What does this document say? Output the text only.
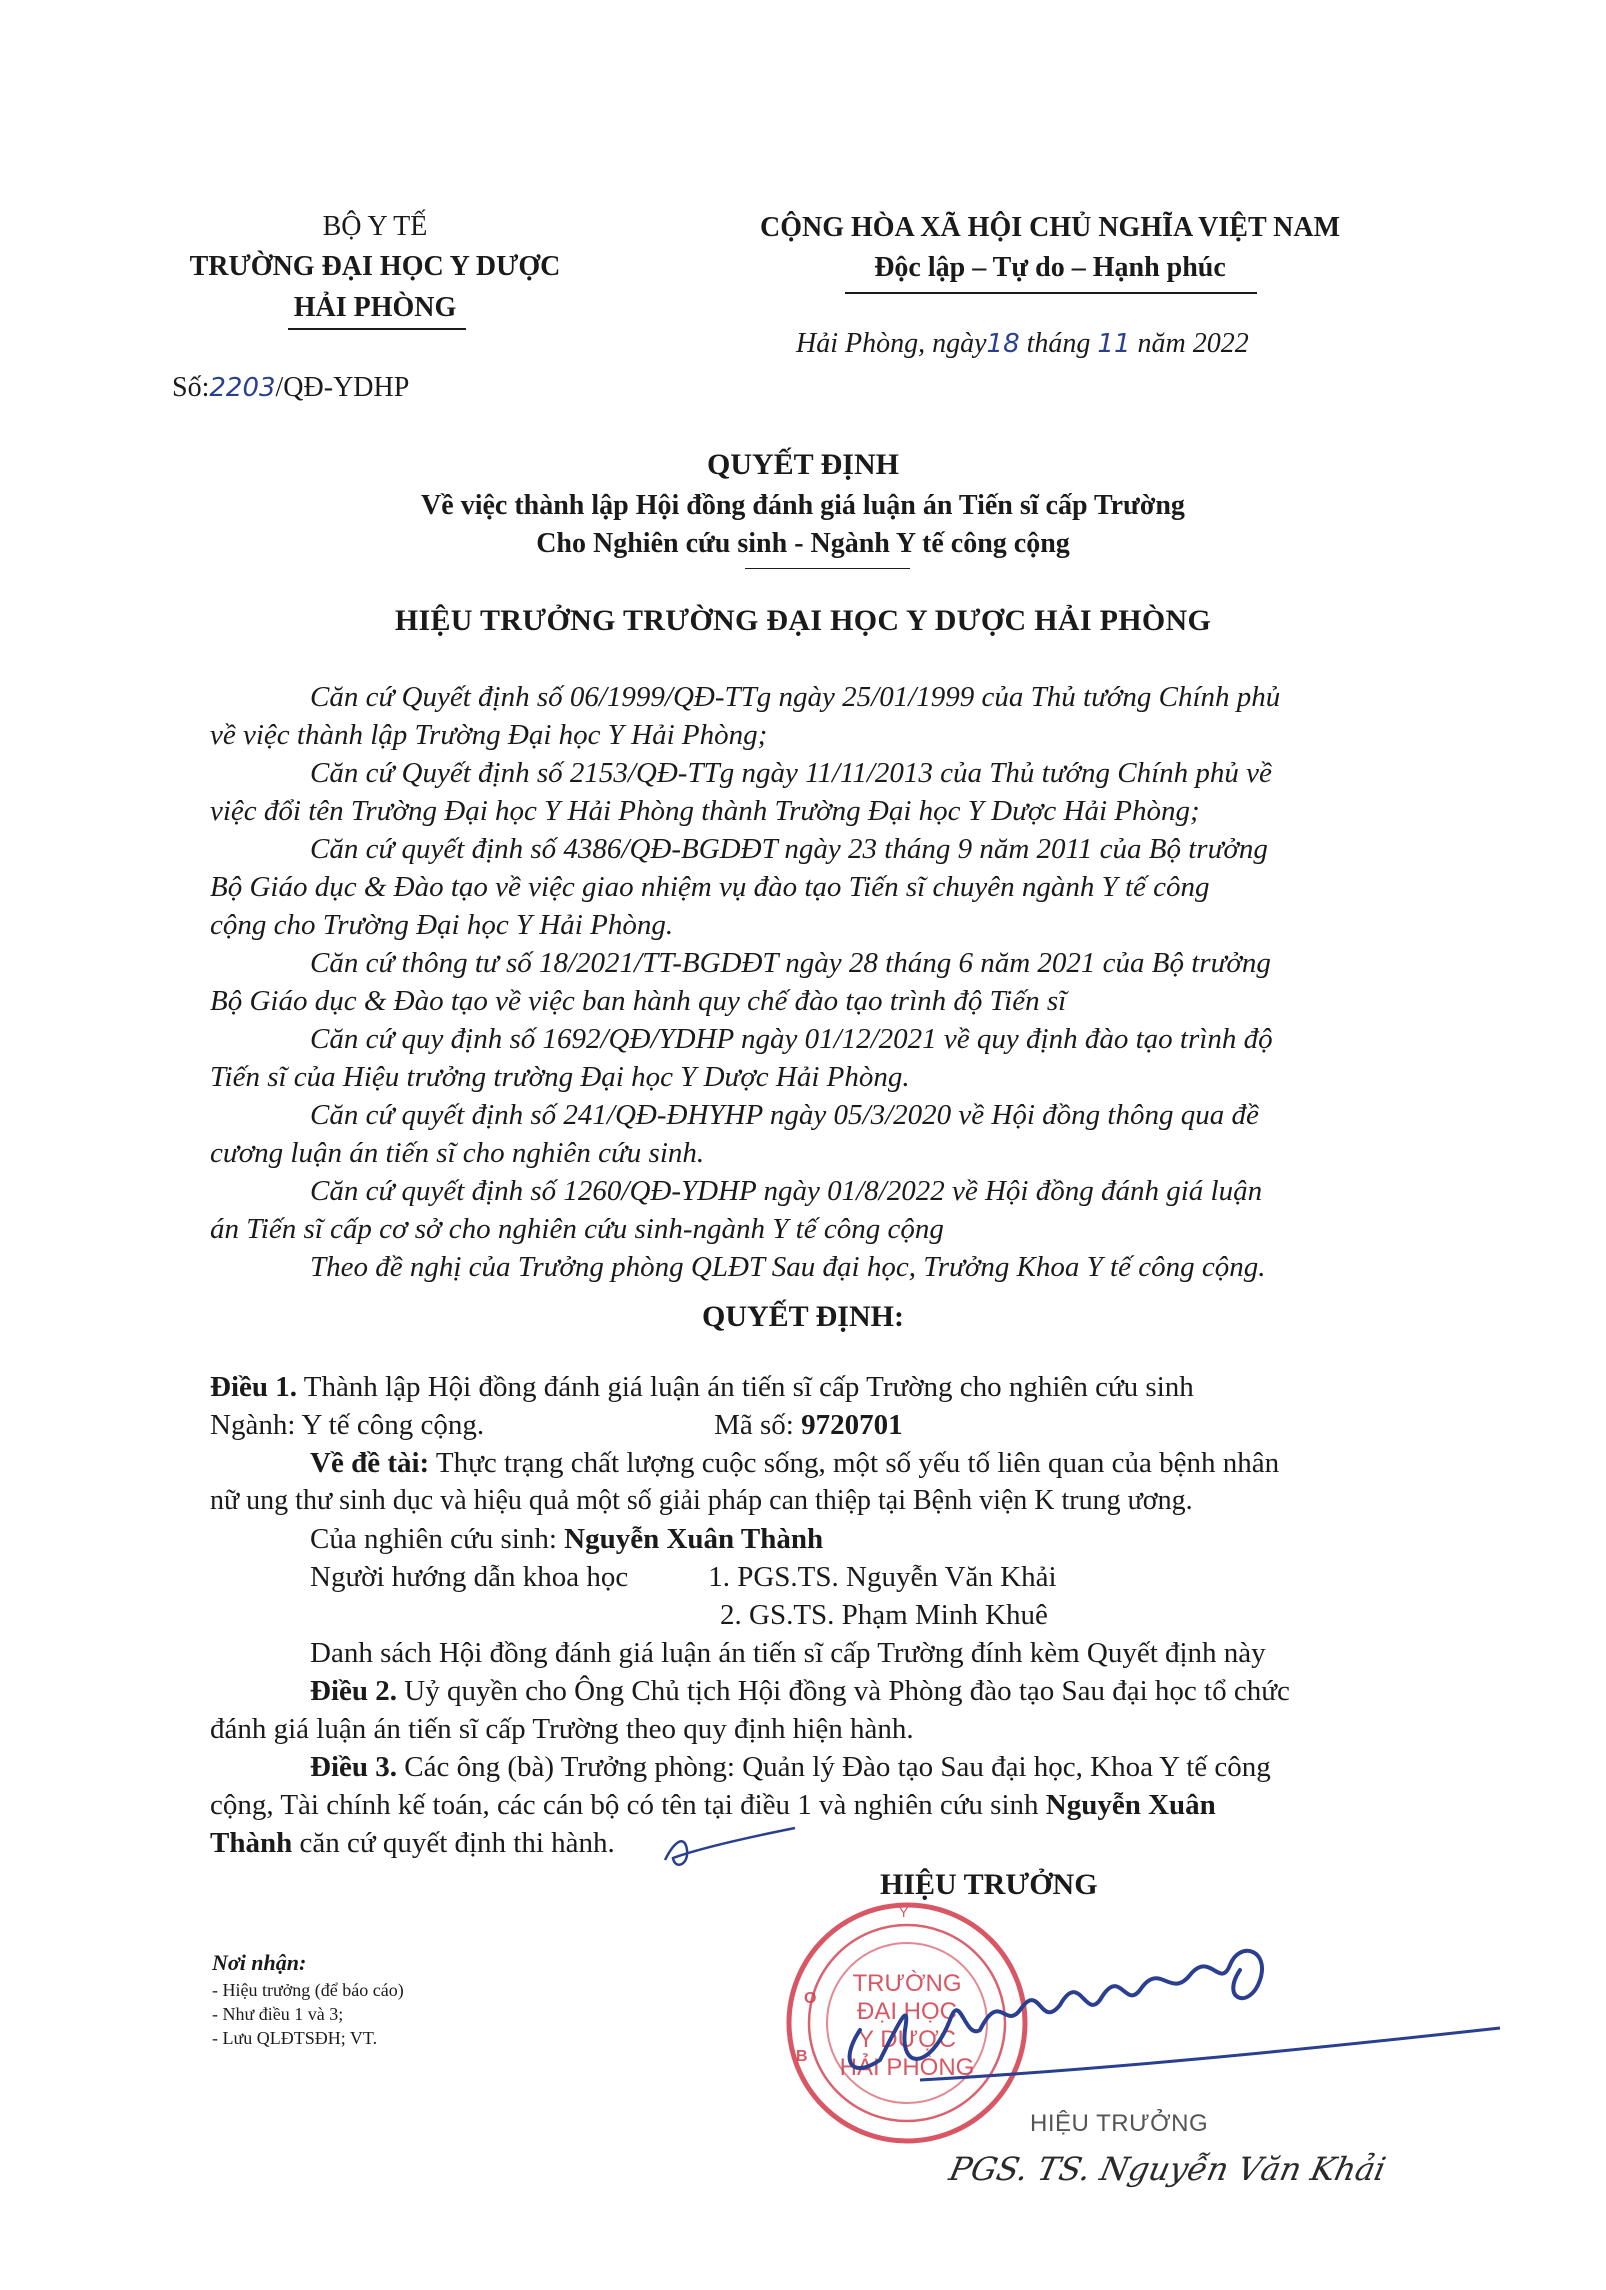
BỘ Y TẾ
TRƯỜNG ĐẠI HỌC Y DƯỢC
HẢI PHÒNG
Số:2203/QĐ-YDHP
CỘNG HÒA XÃ HỘI CHỦ NGHĨA VIỆT NAM
Độc lập – Tự do – Hạnh phúc
Hải Phòng, ngày18 tháng 11 năm 2022
QUYẾT ĐỊNH
Về việc thành lập Hội đồng đánh giá luận án Tiến sĩ cấp Trường
Cho Nghiên cứu sinh - Ngành Y tế công cộng
HIỆU TRƯỞNG TRƯỜNG ĐẠI HỌC Y DƯỢC HẢI PHÒNG

Căn cứ Quyết định số 06/1999/QĐ-TTg ngày 25/01/1999 của Thủ tướng Chính phủ

về việc thành lập Trường Đại học Y Hải Phòng;

Căn cứ Quyết định số 2153/QĐ-TTg ngày 11/11/2013 của Thủ tướng Chính phủ về

việc đổi tên Trường Đại học Y Hải Phòng thành Trường Đại học Y Dược Hải Phòng;

Căn cứ quyết định số 4386/QĐ-BGDĐT ngày 23 tháng 9 năm 2011 của Bộ trưởng

Bộ Giáo dục & Đào tạo về việc giao nhiệm vụ đào tạo Tiến sĩ chuyên ngành Y tế công

cộng cho Trường Đại học Y Hải Phòng.

Căn cứ thông tư số 18/2021/TT-BGDĐT ngày 28 tháng 6 năm 2021 của Bộ trưởng

Bộ Giáo dục & Đào tạo về việc ban hành quy chế đào tạo trình độ Tiến sĩ

Căn cứ quy định số 1692/QĐ/YDHP ngày 01/12/2021 về quy định đào tạo trình độ

Tiến sĩ của Hiệu trưởng trường Đại học Y Dược Hải Phòng.

Căn cứ quyết định số 241/QĐ-ĐHYHP ngày 05/3/2020 về Hội đồng thông qua đề

cương luận án tiến sĩ cho nghiên cứu sinh.

Căn cứ quyết định số 1260/QĐ-YDHP ngày 01/8/2022 về Hội đồng đánh giá luận

án Tiến sĩ cấp cơ sở cho nghiên cứu sinh-ngành Y tế công cộng

Theo đề nghị của Trưởng phòng QLĐT Sau đại học, Trưởng Khoa Y tế công cộng.

QUYẾT ĐỊNH:

Điều 1. Thành lập Hội đồng đánh giá luận án tiến sĩ cấp Trường cho nghiên cứu sinh

Ngành: Y tế công cộng.	Mã số: 9720701

Về đề tài: Thực trạng chất lượng cuộc sống, một số yếu tố liên quan của bệnh nhân

nữ ung thư sinh dục và hiệu quả một số giải pháp can thiệp tại Bệnh viện K trung ương.

Của nghiên cứu sinh: Nguyễn Xuân Thành

Người hướng dẫn khoa học	1. PGS.TS. Nguyễn Văn Khải

2. GS.TS. Phạm Minh Khuê

Danh sách Hội đồng đánh giá luận án tiến sĩ cấp Trường đính kèm Quyết định này

Điều 2. Uỷ quyền cho Ông Chủ tịch Hội đồng và Phòng đào tạo Sau đại học tổ chức

đánh giá luận án tiến sĩ cấp Trường theo quy định hiện hành.

Điều 3. Các ông (bà) Trưởng phòng: Quản lý Đào tạo Sau đại học, Khoa Y tế công

cộng, Tài chính kế toán, các cán bộ có tên tại điều 1 và nghiên cứu sinh Nguyễn Xuân

Thành căn cứ quyết định thi hành.

HIỆU TRƯỞNG
Y
B
O
TRƯỜNG
ĐẠI HỌC
Y DƯỢC
HẢI PHÒNG
HIỆU TRƯỞNG
PGS. TS. Nguyễn Văn Khải
Nơi nhận:
- Hiệu trưởng (để báo cáo)
- Như điều 1 và 3;
- Lưu QLĐTSĐH; VT.
